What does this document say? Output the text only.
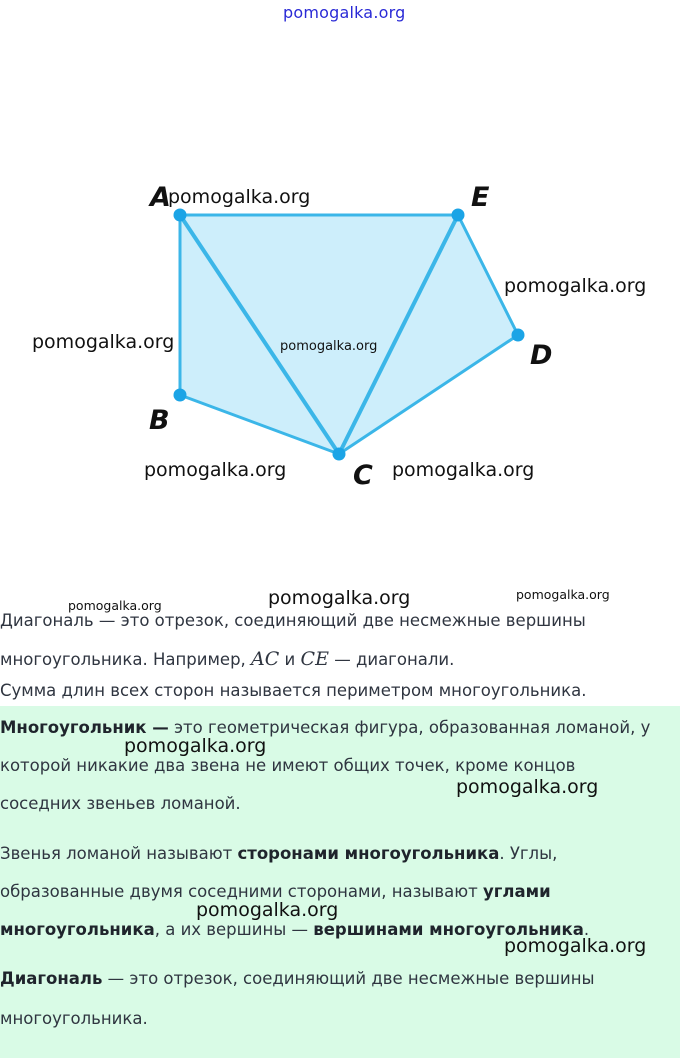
pomogalka.org
A	E
D
B
C
pomogalka.org
pomogalka.org
pomogalka.org	pomogalka.org
pomogalka.org	pomogalka.org
pomogalka.org	pomogalka.org	pomogalka.org
Диагональ — это отрезок, соединяющий две несмежные вершины
многоугольника. Например, AC и CE — диагонали.
Сумма длин всех сторон называется периметром многоугольника.
Многоугольник — это геометрическая фигура, образованная ломаной, у
которой никакие два звена не имеют общих точек, кроме концов
соседних звеньев ломаной.
Звенья ломаной называют сторонами многоугольника. Углы,
образованные двумя соседними сторонами, называют углами
многоугольника, а их вершины — вершинами многоугольника.
Диагональ — это отрезок, соединяющий две несмежные вершины
многоугольника.
pomogalka.org
pomogalka.org
pomogalka.org
pomogalka.org
